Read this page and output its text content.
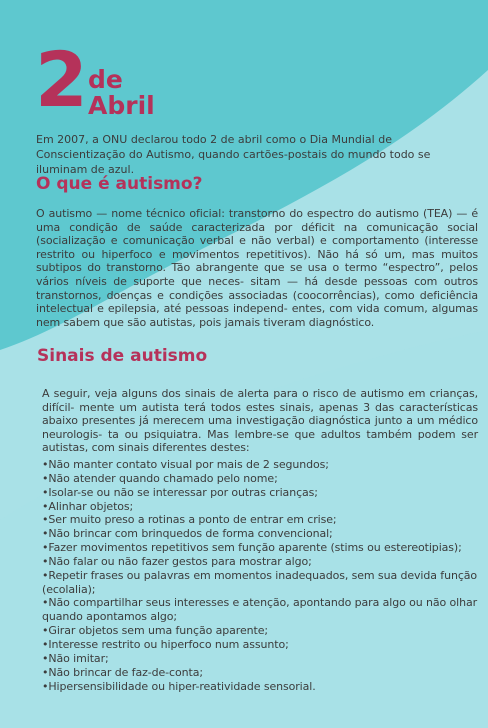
2 de
Abril

Em 2007, a ONU declarou todo 2 de abril como o Dia Mundial de Conscientização do Autismo, quando cartões-postais do mundo todo se iluminam de azul.

O que é autismo?

O autismo — nome técnico oficial: transtorno do espectro do autismo (TEA) — é uma condição de saúde caracterizada por déficit na comunicação social (socialização e comunicação verbal e não verbal) e comportamento (interesse restrito ou hiperfoco e movimentos repetitivos). Não há só um, mas muitos subtipos do transtorno. Tão abrangente que se usa o termo “espectro”, pelos vários níveis de suporte que neces- sitam — há desde pessoas com outros transtornos, doenças e condições associadas (coocorrências), como deficiência intelectual e epilepsia, até pessoas independ- entes, com vida comum, algumas nem sabem que são autistas, pois jamais tiveram diagnóstico.

Sinais de autismo

A seguir, veja alguns dos sinais de alerta para o risco de autismo em crianças, difícil- mente um autista terá todos estes sinais, apenas 3 das características abaixo presentes já merecem uma investigação diagnóstica junto a um médico neurologis- ta ou psiquiatra. Mas lembre-se que adultos também podem ser autistas, com sinais diferentes destes:

•Não manter contato visual por mais de 2 segundos;
•Não atender quando chamado pelo nome;
•Isolar-se ou não se interessar por outras crianças;
•Alinhar objetos;
•Ser muito preso a rotinas a ponto de entrar em crise;
•Não brincar com brinquedos de forma convencional;
•Fazer movimentos repetitivos sem função aparente (stims ou estereotipias);
•Não falar ou não fazer gestos para mostrar algo;
•Repetir frases ou palavras em momentos inadequados, sem sua devida função (ecolalia);
•Não compartilhar seus interesses e atenção, apontando para algo ou não olhar quando apontamos algo;
•Girar objetos sem uma função aparente;
•Interesse restrito ou hiperfoco num assunto;
•Não imitar;
•Não brincar de faz-de-conta;
•Hipersensibilidade ou hiper-reatividade sensorial.
